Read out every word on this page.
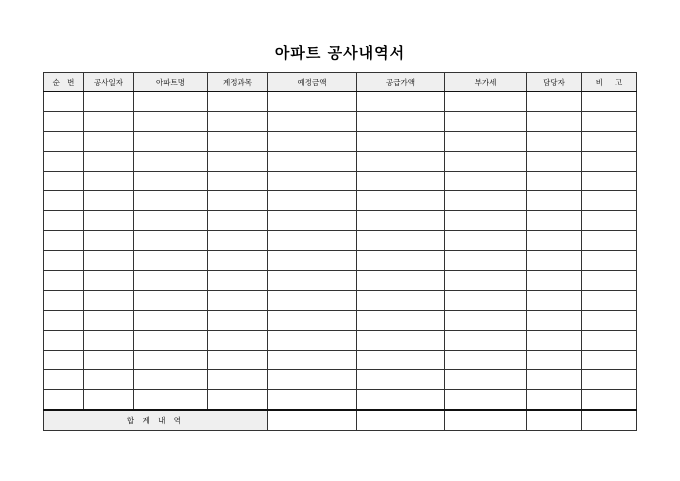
아파트 공사내역서
순   번	공사일자	아파트명	계정과목	예정금액	공급가액	부가세	담당자	비     고

합 계 내 역								
